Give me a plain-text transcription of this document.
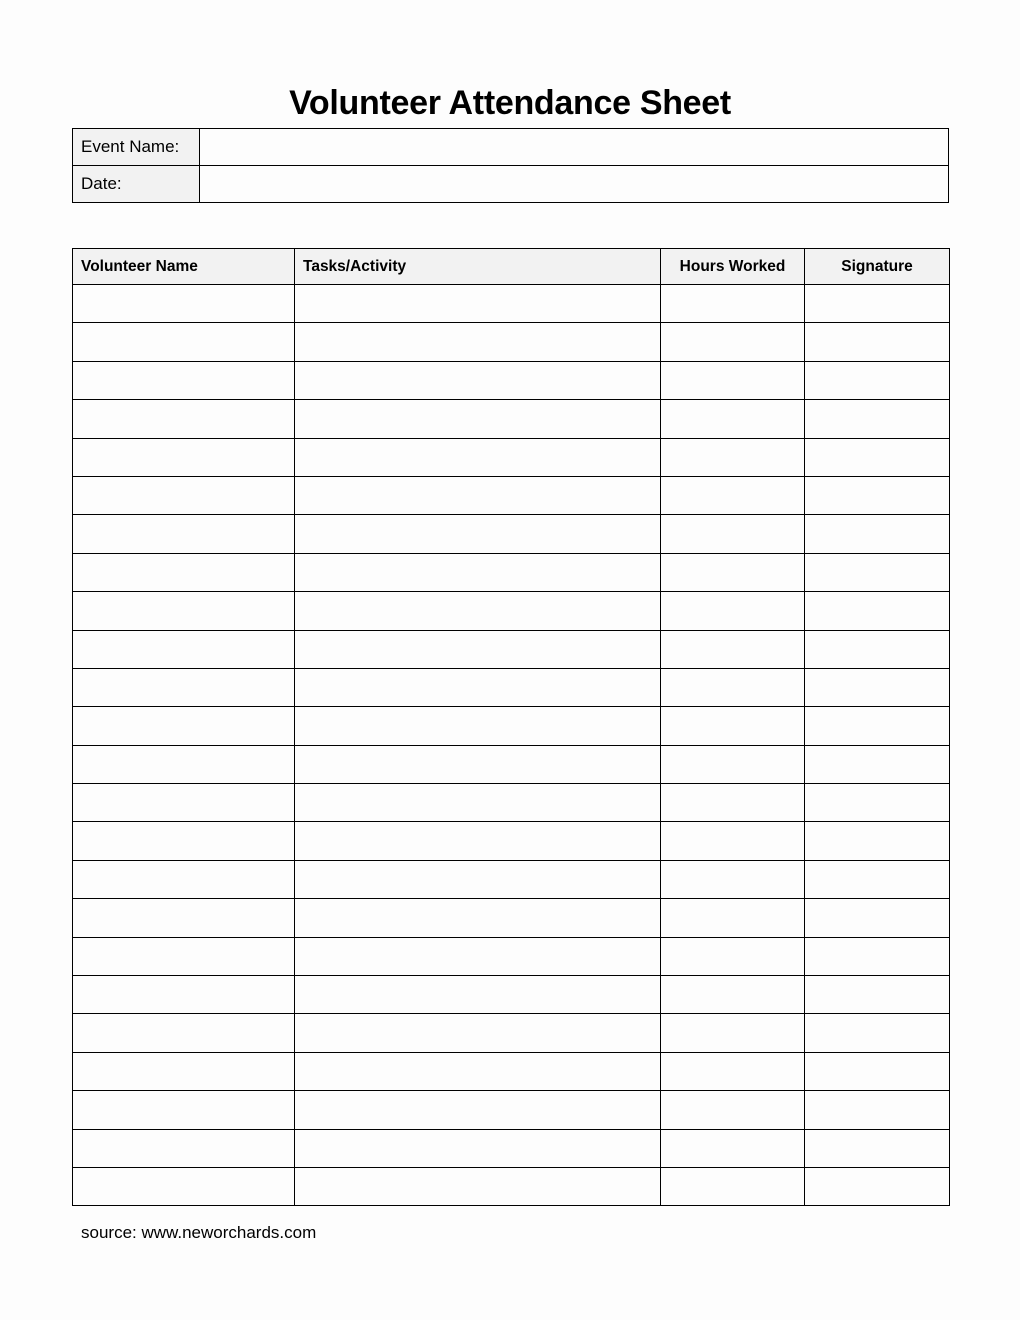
Volunteer Attendance Sheet
Event Name:	
Date:	
Volunteer Name	Tasks/Activity	Hours Worked	Signature

source: www.neworchards.com
